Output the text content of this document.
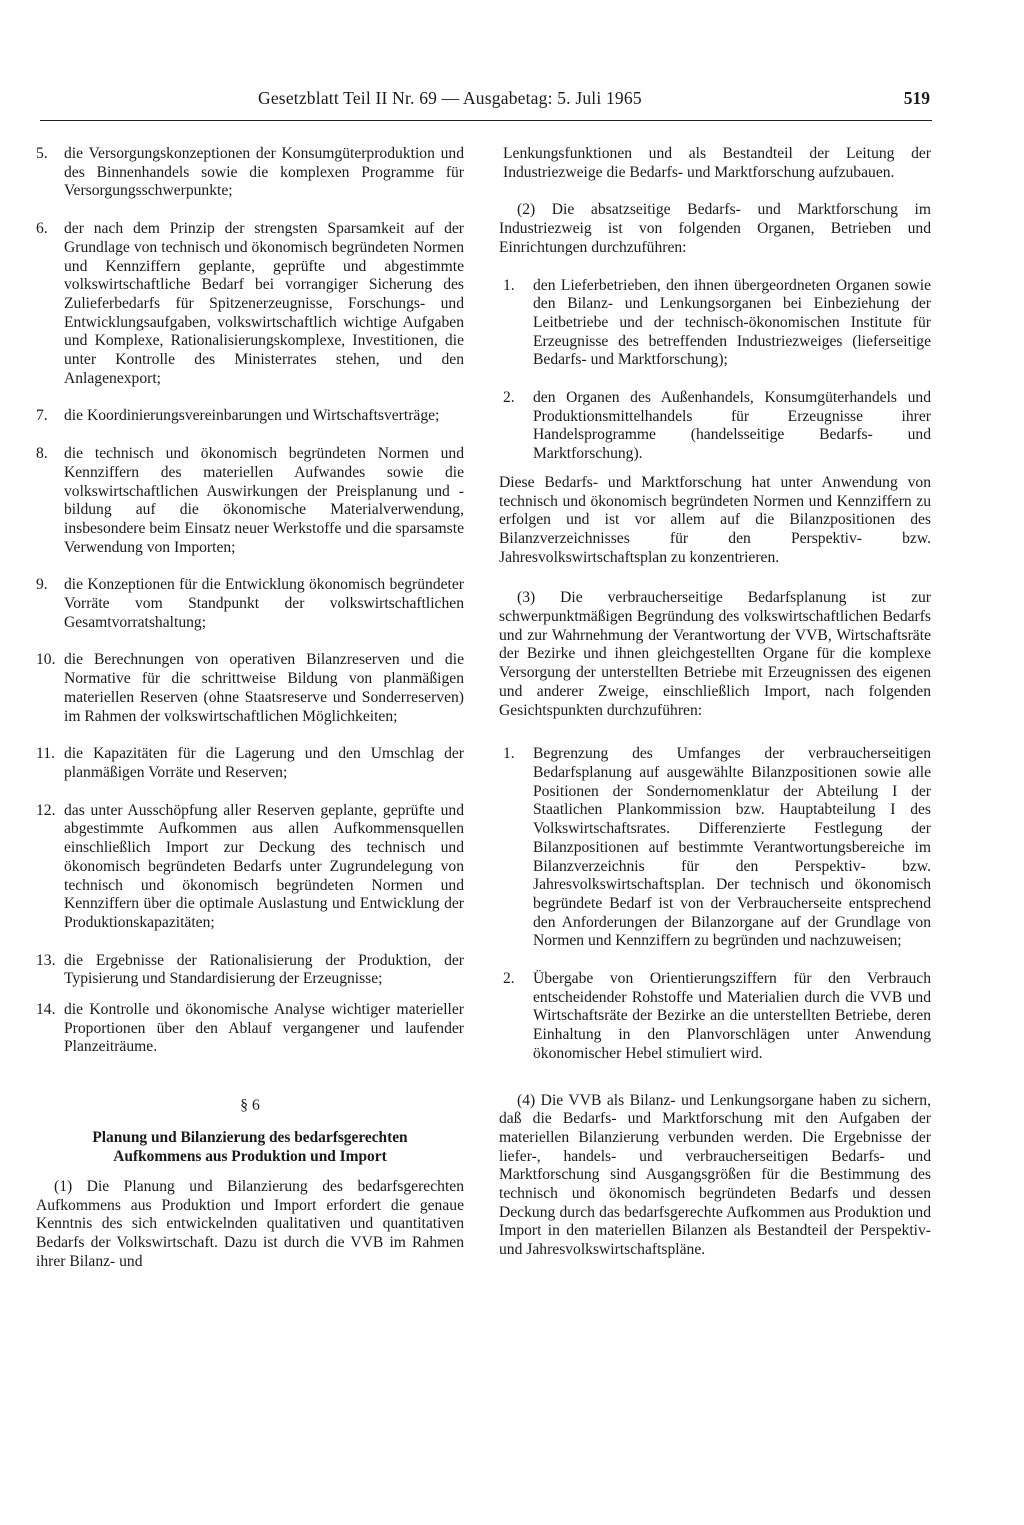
Gesetzblatt Teil II Nr. 69 — Ausgabetag: 5. Juli 1965	519
5.	die Versorgungskonzeptionen der Konsumgüterproduktion und des Binnenhandels sowie die komplexen Programme für Versorgungsschwerpunkte;
6.	der nach dem Prinzip der strengsten Sparsamkeit auf der Grundlage von technisch und ökonomisch begründeten Normen und Kennziffern geplante, geprüfte und abgestimmte volkswirtschaftliche Bedarf bei vorrangiger Sicherung des Zulieferbedarfs für Spitzenerzeugnisse, Forschungs- und Entwicklungsaufgaben, volkswirtschaftlich wichtige Aufgaben und Komplexe, Rationalisierungskomplexe, Investitionen, die unter Kontrolle des Ministerrates stehen, und den Anlagenexport;
7.	die Koordinierungsvereinbarungen und Wirtschaftsverträge;
8.	die technisch und ökonomisch begründeten Normen und Kennziffern des materiellen Aufwandes sowie die volkswirtschaftlichen Auswirkungen der Preisplanung und -bildung auf die ökonomische Materialverwendung, insbesondere beim Einsatz neuer Werkstoffe und die sparsamste Verwendung von Importen;
9.	die Konzeptionen für die Entwicklung ökonomisch begründeter Vorräte vom Standpunkt der volkswirtschaftlichen Gesamtvorratshaltung;
10. die Berechnungen von operativen Bilanzreserven und die Normative für die schrittweise Bildung von planmäßigen materiellen Reserven (ohne Staatsreserve und Sonderreserven) im Rahmen der volkswirtschaftlichen Möglichkeiten;
11. die Kapazitäten für die Lagerung und den Umschlag der planmäßigen Vorräte und Reserven;
12. das unter Ausschöpfung aller Reserven geplante, geprüfte und abgestimmte Aufkommen aus allen Aufkommensquellen einschließlich Import zur Deckung des technisch und ökonomisch begründeten Bedarfs unter Zugrundelegung von technisch und ökonomisch begründeten Normen und Kennziffern über die optimale Auslastung und Entwicklung der Produktionskapazitäten;
13. die Ergebnisse der Rationalisierung der Produktion, der Typisierung und Standardisierung der Erzeugnisse;
14. die Kontrolle und ökonomische Analyse wichtiger materieller Proportionen über den Ablauf vergangener und laufender Planzeiträume.
§ 6
Planung und Bilanzierung des bedarfsgerechten
Aufkommens aus Produktion und Import
(1) Die Planung und Bilanzierung des bedarfsgerechten Aufkommens aus Produktion und Import erfordert die genaue Kenntnis des sich entwickelnden qualitativen und quantitativen Bedarfs der Volkswirtschaft. Dazu ist durch die VVB im Rahmen ihrer Bilanz- und
Lenkungsfunktionen und als Bestandteil der Leitung der Industriezweige die Bedarfs- und Marktforschung aufzubauen.
(2) Die absatzseitige Bedarfs- und Marktforschung im Industriezweig ist von folgenden Organen, Betrieben und Einrichtungen durchzuführen:
1.	den Lieferbetrieben, den ihnen übergeordneten Organen sowie den Bilanz- und Lenkungsorganen bei Einbeziehung der Leitbetriebe und der technisch-ökonomischen Institute für Erzeugnisse des betreffenden Industriezweiges (lieferseitige Bedarfs- und Marktforschung);
2.	den Organen des Außenhandels, Konsumgüterhandels und Produktionsmittelhandels für Erzeugnisse ihrer Handelsprogramme (handelsseitige Bedarfs- und Marktforschung).
Diese Bedarfs- und Marktforschung hat unter Anwendung von technisch und ökonomisch begründeten Normen und Kennziffern zu erfolgen und ist vor allem auf die Bilanzpositionen des Bilanzverzeichnisses für den Perspektiv- bzw. Jahresvolkswirtschaftsplan zu konzentrieren.
(3) Die verbraucherseitige Bedarfsplanung ist zur schwerpunktmäßigen Begründung des volkswirtschaftlichen Bedarfs und zur Wahrnehmung der Verantwortung der VVB, Wirtschaftsräte der Bezirke und ihnen gleichgestellten Organe für die komplexe Versorgung der unterstellten Betriebe mit Erzeugnissen des eigenen und anderer Zweige, einschließlich Import, nach folgenden Gesichtspunkten durchzuführen:
1.	Begrenzung des Umfanges der verbraucherseitigen Bedarfsplanung auf ausgewählte Bilanzpositionen sowie alle Positionen der Sondernomenklatur der Abteilung I der Staatlichen Plankommission bzw. Hauptabteilung I des Volkswirtschaftsrates. Differenzierte Festlegung der Bilanzpositionen auf bestimmte Verantwortungsbereiche im Bilanzverzeichnis für den Perspektiv- bzw. Jahresvolkswirtschaftsplan. Der technisch und ökonomisch begründete Bedarf ist von der Verbraucherseite entsprechend den Anforderungen der Bilanzorgane auf der Grundlage von Normen und Kennziffern zu begründen und nachzuweisen;
2.	Übergabe von Orientierungsziffern für den Verbrauch entscheidender Rohstoffe und Materialien durch die VVB und Wirtschaftsräte der Bezirke an die unterstellten Betriebe, deren Einhaltung in den Planvorschlägen unter Anwendung ökonomischer Hebel stimuliert wird.
(4) Die VVB als Bilanz- und Lenkungsorgane haben zu sichern, daß die Bedarfs- und Marktforschung mit den Aufgaben der materiellen Bilanzierung verbunden werden. Die Ergebnisse der liefer-, handels- und verbraucherseitigen Bedarfs- und Marktforschung sind Ausgangsgrößen für die Bestimmung des technisch und ökonomisch begründeten Bedarfs und dessen Deckung durch das bedarfsgerechte Aufkommen aus Produktion und Import in den materiellen Bilanzen als Bestandteil der Perspektiv- und Jahresvolkswirtschaftspläne.
